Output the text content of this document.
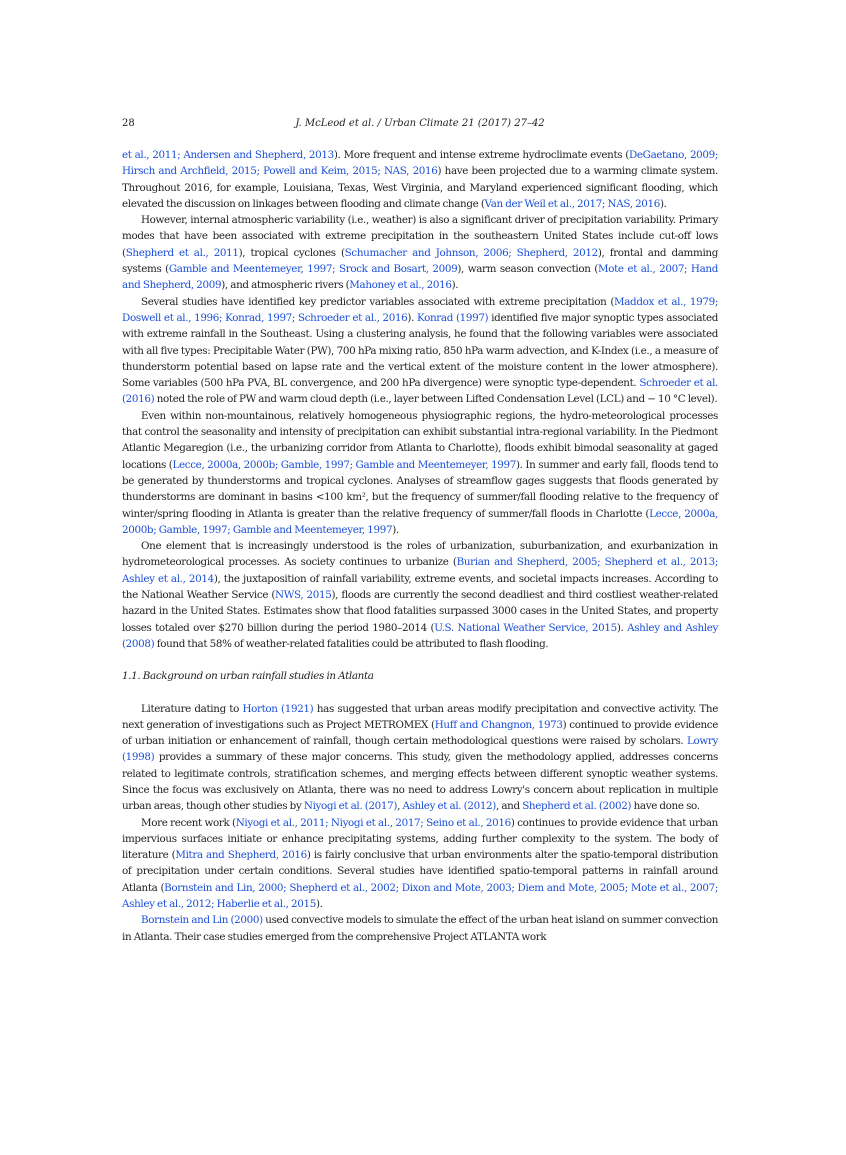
28	J. McLeod et al. / Urban Climate 21 (2017) 27–42

et al., 2011; Andersen and Shepherd, 2013). More frequent and intense extreme hydroclimate events (DeGaetano, 2009; Hirsch and Archfield, 2015; Powell and Keim, 2015; NAS, 2016) have been projected due to a warming climate system. Throughout 2016, for example, Louisiana, Texas, West Virginia, and Maryland experienced significant flooding, which elevated the discussion on linkages between flooding and climate change (Van der Weil et al., 2017; NAS, 2016).

However, internal atmospheric variability (i.e., weather) is also a significant driver of precipitation variability. Primary modes that have been associated with extreme precipitation in the southeastern United States include cut-off lows (Shepherd et al., 2011), tropical cyclones (Schumacher and Johnson, 2006; Shepherd, 2012), frontal and damming systems (Gamble and Meentemeyer, 1997; Srock and Bosart, 2009), warm season convection (Mote et al., 2007; Hand and Shepherd, 2009), and atmospheric rivers (Mahoney et al., 2016).

Several studies have identified key predictor variables associated with extreme precipitation (Maddox et al., 1979; Doswell et al., 1996; Konrad, 1997; Schroeder et al., 2016). Konrad (1997) identified five major synoptic types associated with extreme rainfall in the Southeast. Using a clustering analysis, he found that the following variables were associated with all five types: Precipitable Water (PW), 700 hPa mixing ratio, 850 hPa warm advection, and K-Index (i.e., a measure of thunderstorm potential based on lapse rate and the vertical extent of the moisture content in the lower atmosphere). Some variables (500 hPa PVA, BL convergence, and 200 hPa divergence) were synoptic type-dependent. Schroeder et al. (2016) noted the role of PW and warm cloud depth (i.e., layer between Lifted Condensation Level (LCL) and − 10 °C level).

Even within non-mountainous, relatively homogeneous physiographic regions, the hydro-meteorological processes that control the seasonality and intensity of precipitation can exhibit substantial intra-regional variability. In the Piedmont Atlantic Megaregion (i.e., the urbanizing corridor from Atlanta to Charlotte), floods exhibit bimodal seasonality at gaged locations (Lecce, 2000a, 2000b; Gamble, 1997; Gamble and Meentemeyer, 1997). In summer and early fall, floods tend to be generated by thunderstorms and tropical cyclones. Analyses of streamflow gages suggests that floods generated by thunderstorms are dominant in basins <100 km², but the frequency of summer/fall flooding relative to the frequency of winter/spring flooding in Atlanta is greater than the relative frequency of summer/fall floods in Charlotte (Lecce, 2000a, 2000b; Gamble, 1997; Gamble and Meentemeyer, 1997).

One element that is increasingly understood is the roles of urbanization, suburbanization, and exurbanization in hydrometeorological processes. As society continues to urbanize (Burian and Shepherd, 2005; Shepherd et al., 2013; Ashley et al., 2014), the juxtaposition of rainfall variability, extreme events, and societal impacts increases. According to the National Weather Service (NWS, 2015), floods are currently the second deadliest and third costliest weather-related hazard in the United States. Estimates show that flood fatalities surpassed 3000 cases in the United States, and property losses totaled over $270 billion during the period 1980–2014 (U.S. National Weather Service, 2015). Ashley and Ashley (2008) found that 58% of weather-related fatalities could be attributed to flash flooding.

1.1. Background on urban rainfall studies in Atlanta

Literature dating to Horton (1921) has suggested that urban areas modify precipitation and convective activity. The next generation of investigations such as Project METROMEX (Huff and Changnon, 1973) continued to provide evidence of urban initiation or enhancement of rainfall, though certain methodological questions were raised by scholars. Lowry (1998) provides a summary of these major concerns. This study, given the methodology applied, addresses concerns related to legitimate controls, stratification schemes, and merging effects between different synoptic weather systems. Since the focus was exclusively on Atlanta, there was no need to address Lowry's concern about replication in multiple urban areas, though other studies by Niyogi et al. (2017), Ashley et al. (2012), and Shepherd et al. (2002) have done so.

More recent work (Niyogi et al., 2011; Niyogi et al., 2017; Seino et al., 2016) continues to provide evidence that urban impervious surfaces initiate or enhance precipitating systems, adding further complexity to the system. The body of literature (Mitra and Shepherd, 2016) is fairly conclusive that urban environments alter the spatio-temporal distribution of precipitation under certain conditions. Several studies have identified spatio-temporal patterns in rainfall around Atlanta (Bornstein and Lin, 2000; Shepherd et al., 2002; Dixon and Mote, 2003; Diem and Mote, 2005; Mote et al., 2007; Ashley et al., 2012; Haberlie et al., 2015).

Bornstein and Lin (2000) used convective models to simulate the effect of the urban heat island on summer convection in Atlanta. Their case studies emerged from the comprehensive Project ATLANTA work
